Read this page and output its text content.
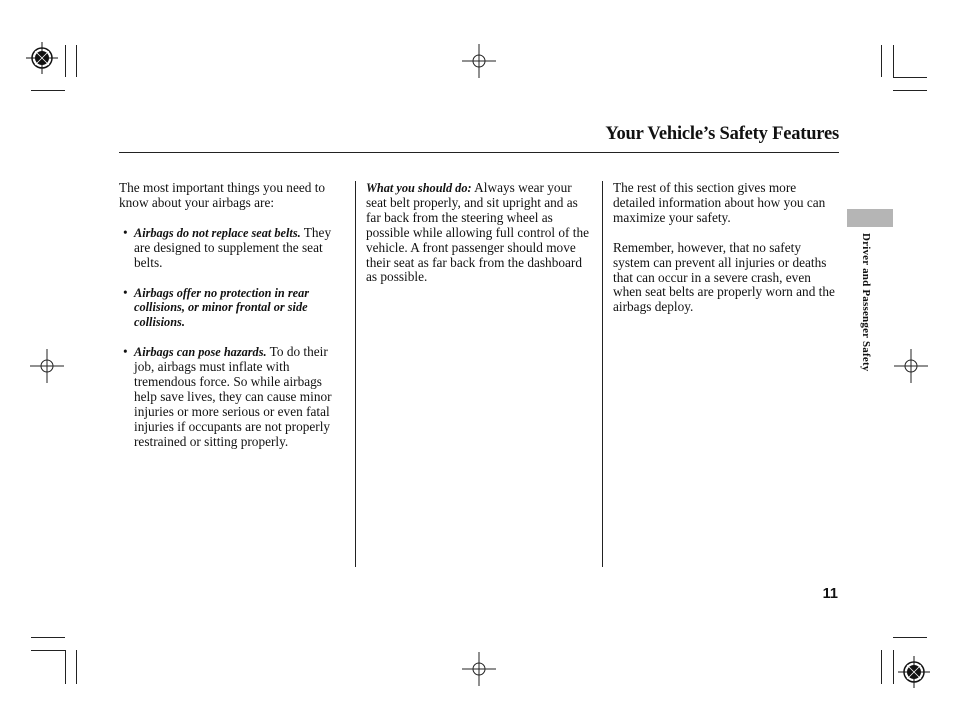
Your Vehicle’s Safety Features

The most important things you need to know about your airbags are:

• Airbags do not replace seat belts. They are designed to supplement the seat belts.
• Airbags offer no protection in rear collisions, or minor frontal or side collisions.
• Airbags can pose hazards. To do their job, airbags must inflate with tremendous force. So while airbags help save lives, they can cause minor injuries or more serious or even fatal injuries if occupants are not properly restrained or sitting properly.

What you should do: Always wear your seat belt properly, and sit upright and as far back from the steering wheel as possible while allowing full control of the vehicle. A front passenger should move their seat as far back from the dashboard as possible.

The rest of this section gives more detailed information about how you can maximize your safety.

Remember, however, that no safety system can prevent all injuries or deaths that can occur in a severe crash, even when seat belts are properly worn and the airbags deploy.	Driver and Passenger Safety
11
